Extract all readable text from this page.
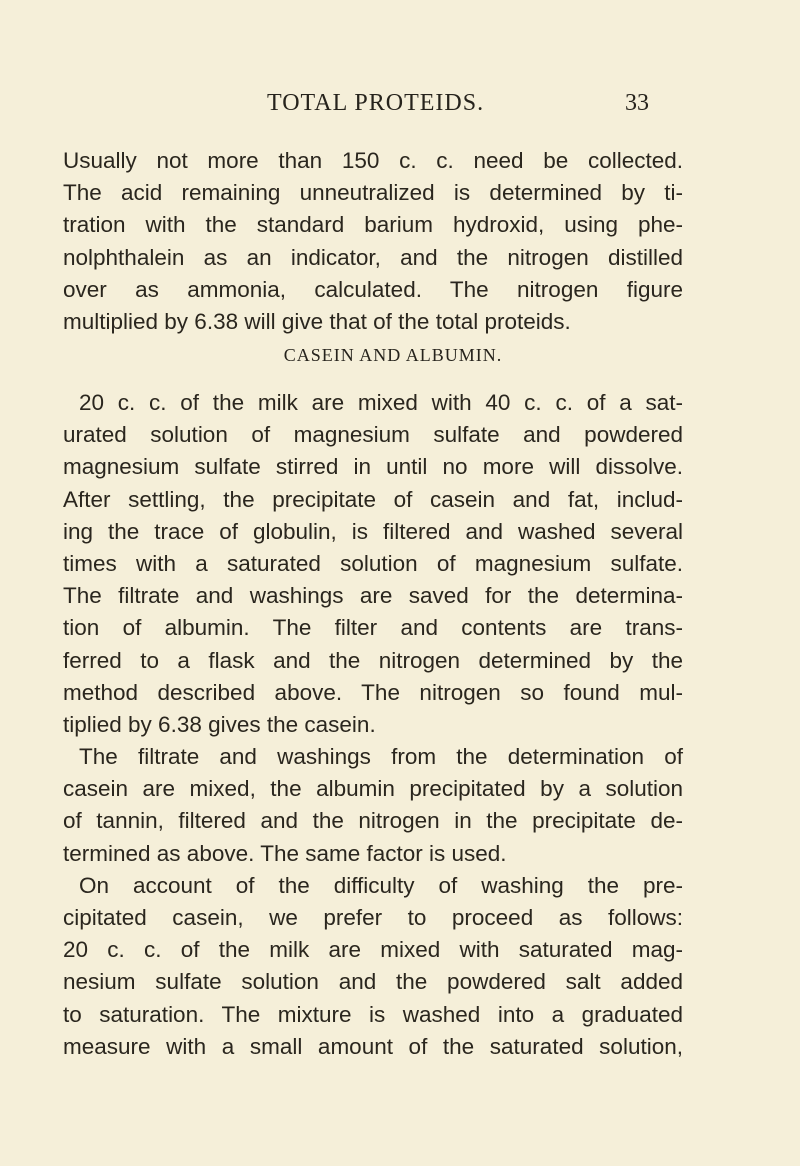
TOTAL PROTEIDS.	33
Usually not more than 150 c. c. need be collected.
The acid remaining unneutralized is determined by ti-
tration with the standard barium hydroxid, using phe-
nolphthalein as an indicator, and the nitrogen distilled
over as ammonia, calculated. The nitrogen figure
multiplied by 6.38 will give that of the total proteids.
CASEIN AND ALBUMIN.
20 c. c. of the milk are mixed with 40 c. c. of a sat-
urated solution of magnesium sulfate and powdered
magnesium sulfate stirred in until no more will dissolve.
After settling, the precipitate of casein and fat, includ-
ing the trace of globulin, is filtered and washed several
times with a saturated solution of magnesium sulfate.
The filtrate and washings are saved for the determina-
tion of albumin. The filter and contents are trans-
ferred to a flask and the nitrogen determined by the
method described above. The nitrogen so found mul-
tiplied by 6.38 gives the casein.
The filtrate and washings from the determination of
casein are mixed, the albumin precipitated by a solution
of tannin, filtered and the nitrogen in the precipitate de-
termined as above. The same factor is used.
On account of the difficulty of washing the pre-
cipitated casein, we prefer to proceed as follows:
20 c. c. of the milk are mixed with saturated mag-
nesium sulfate solution and the powdered salt added
to saturation. The mixture is washed into a graduated
measure with a small amount of the saturated solution,
